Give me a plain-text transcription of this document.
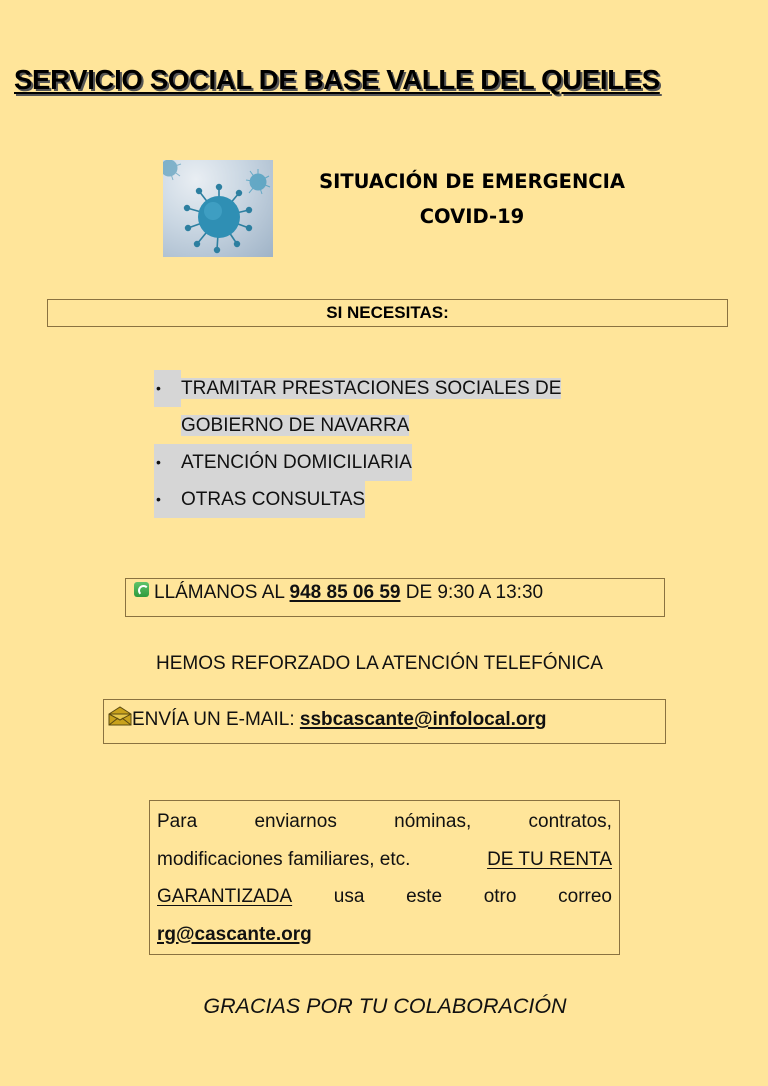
SERVICIO SOCIAL DE BASE VALLE DEL QUEILES
SITUACIÓN DE EMERGENCIA
COVID-19
SI NECESITAS:
•	TRAMITAR PRESTACIONES SOCIALES DE
GOBIERNO DE NAVARRA
•	ATENCIÓN DOMICILIARIA
•	OTRAS CONSULTAS
LLÁMANOS AL 948 85 06 59 DE 9:30 A 13:30
HEMOS REFORZADO LA ATENCIÓN TELEFÓNICA
ENVÍA UN E-MAIL: ssbcascante@infolocal.org
Para	enviarnos	nóminas,	contratos,
modificaciones familiares, etc.	DE TU RENTA
GARANTIZADA usa este otro correo
rg@cascante.org
GRACIAS POR TU COLABORACIÓN
